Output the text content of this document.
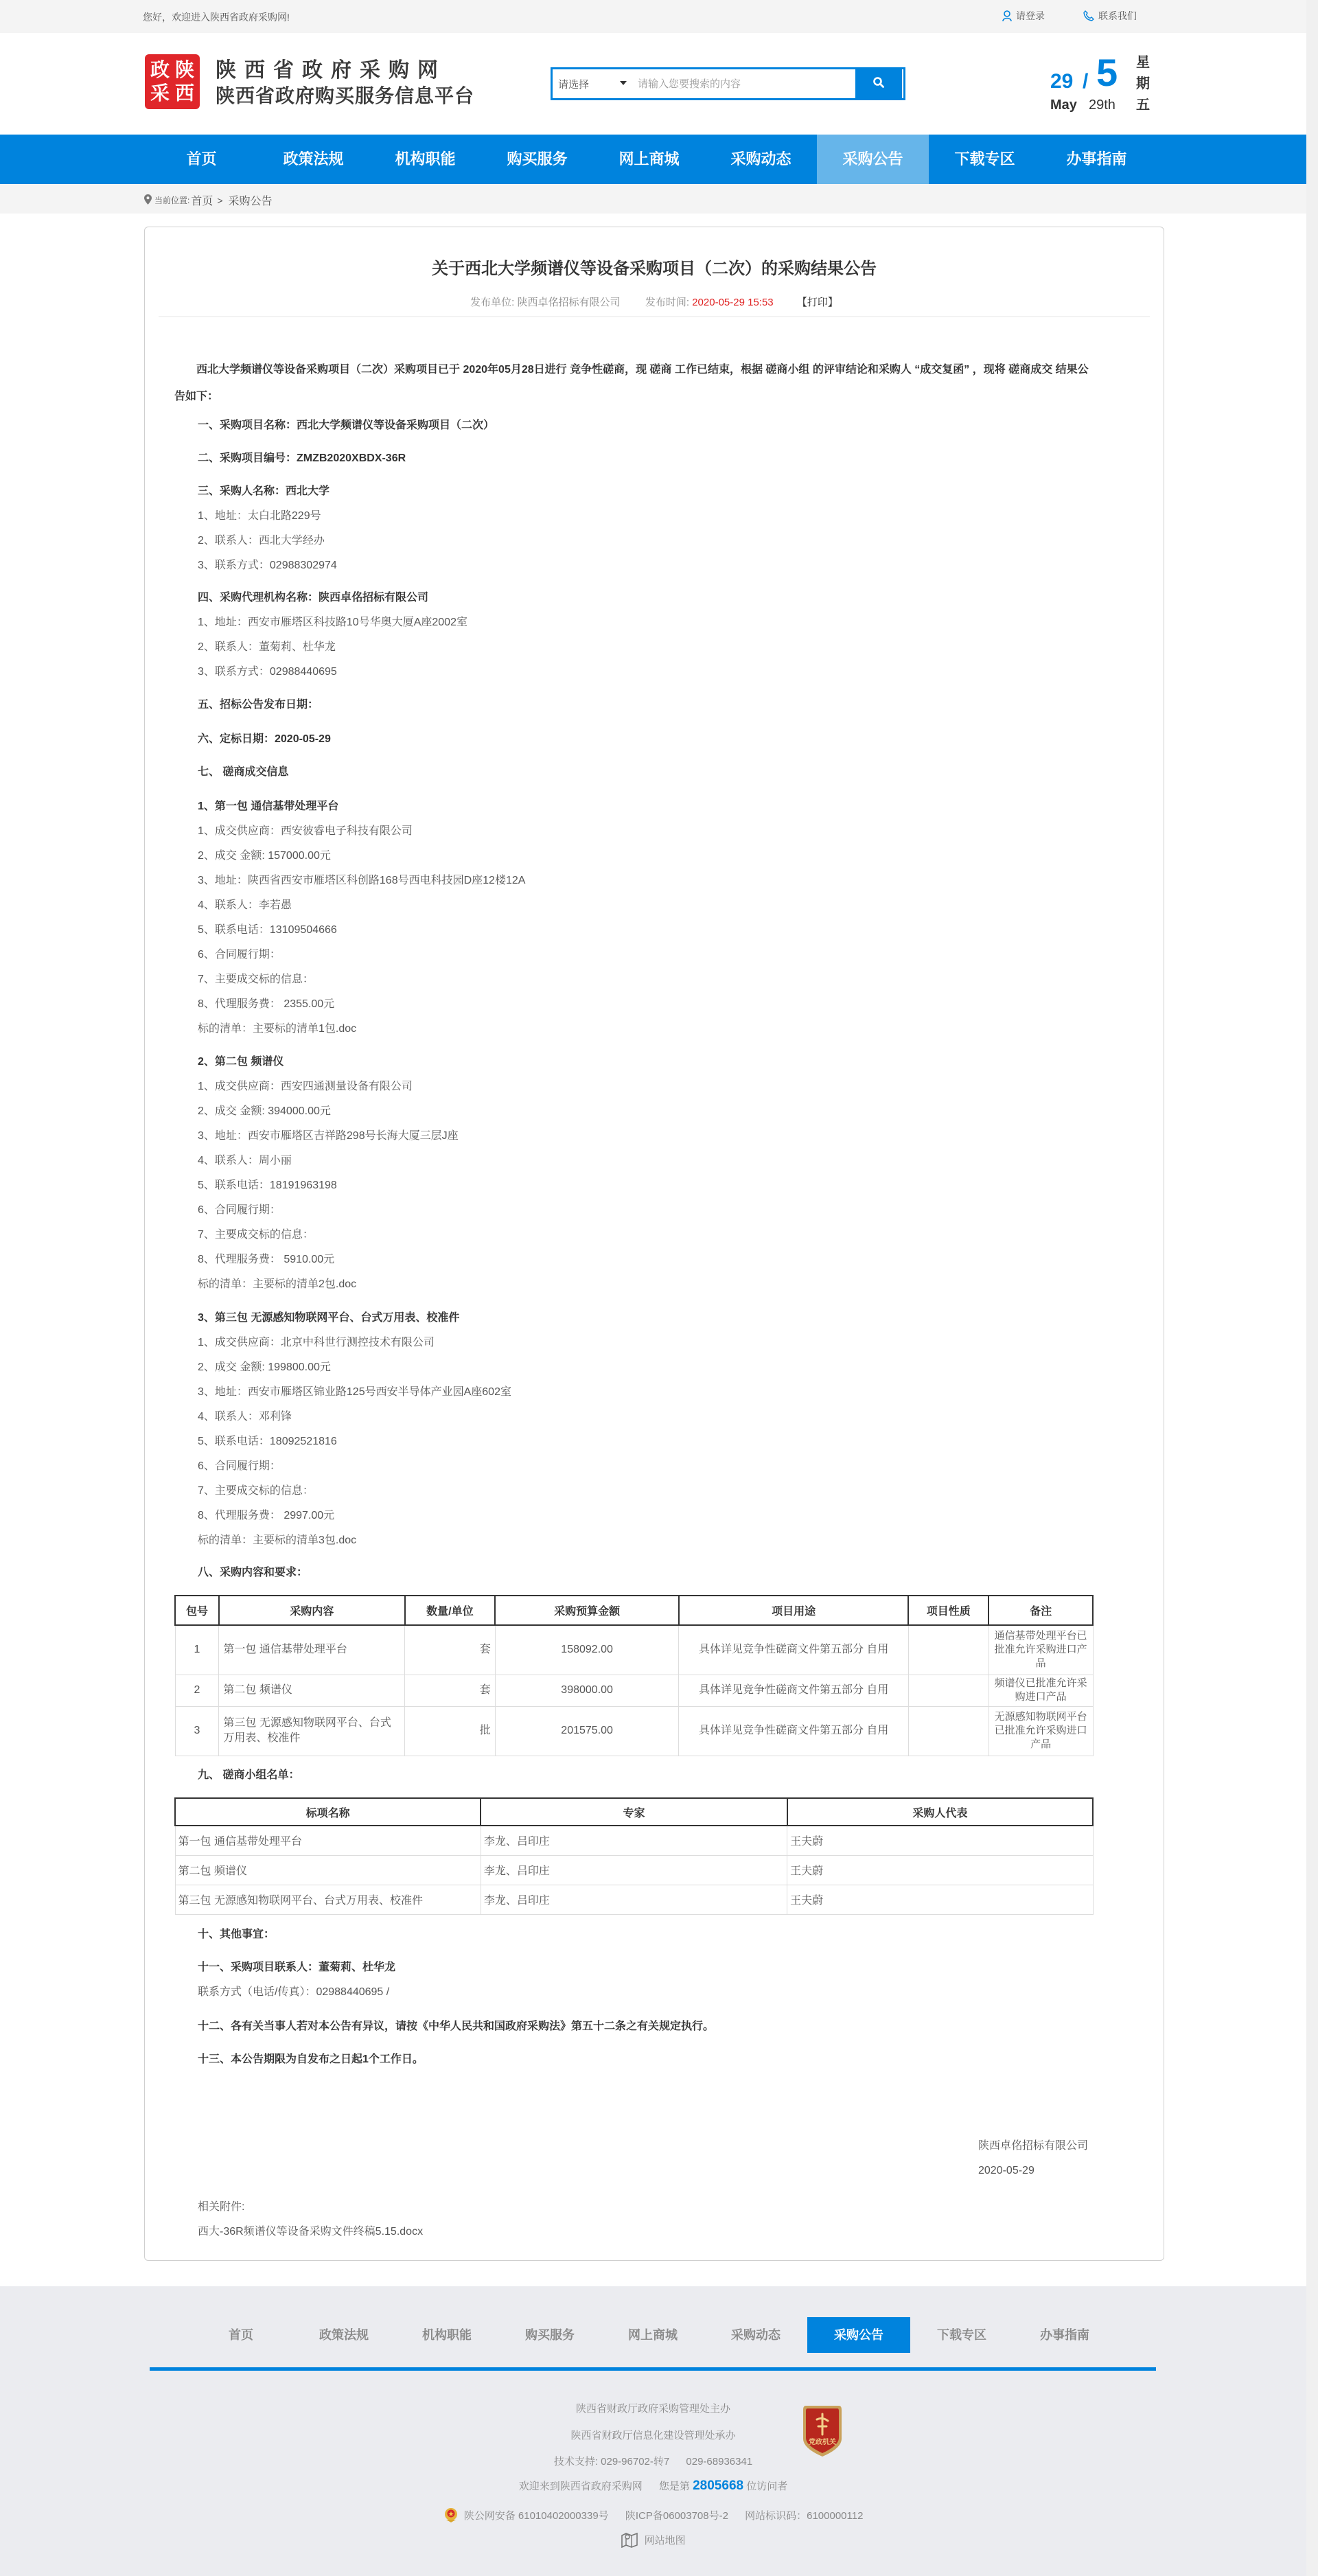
您好，欢迎进入陕西省政府采购网!	请登录	联系我们
政 陕
采 西
陕西省政府采购网
陕西省政府购买服务信息平台
请选择
请输入您要搜索的内容	29 / 5
May 29th
星
期
五
首页	政策法规	机构职能	购买服务	网上商城	采购动态	采购公告	下载专区	办事指南
当前位置: 首页 > 采购公告
关于西北大学频谱仪等设备采购项目（二次）的采购结果公告
发布单位: 陕西卓佲招标有限公司 发布时间: 2020-05-29 15:53 【打印】
西北大学频谱仪等设备采购项目（二次）采购项目已于 2020年05月28日进行 竞争性磋商，现 磋商 工作已结束，根据 磋商小组 的评审结论和采购人 “成交复函” ，现将 磋商成交 结果公告如下：
一、采购项目名称：西北大学频谱仪等设备采购项目（二次）
二、采购项目编号：ZMZB2020XBDX-36R
三、采购人名称：西北大学
1、地址：太白北路229号
2、联系人：西北大学经办
3、联系方式：02988302974
四、采购代理机构名称：陕西卓佲招标有限公司
1、地址：西安市雁塔区科技路10号华奥大厦A座2002室
2、联系人：董菊莉、杜华龙
3、联系方式：02988440695
五、招标公告发布日期：
六、定标日期：2020-05-29
七、 磋商成交信息
1、第一包 通信基带处理平台
1、成交供应商：西安彼睿电子科技有限公司
2、成交 金额: 157000.00元
3、地址：陕西省西安市雁塔区科创路168号西电科技园D座12楼12A
4、联系人：李若愚
5、联系电话：13109504666
6、合同履行期：
7、主要成交标的信息：
8、代理服务费： 2355.00元
标的清单：主要标的清单1包.doc
2、第二包 频谱仪
1、成交供应商：西安四通测量设备有限公司
2、成交 金额: 394000.00元
3、地址：西安市雁塔区吉祥路298号长海大厦三层J座
4、联系人：周小丽
5、联系电话：18191963198
6、合同履行期：
7、主要成交标的信息：
8、代理服务费： 5910.00元
标的清单：主要标的清单2包.doc
3、第三包 无源感知物联网平台、台式万用表、校准件
1、成交供应商：北京中科世行测控技术有限公司
2、成交 金额: 199800.00元
3、地址：西安市雁塔区锦业路125号西安半导体产业园A座602室
4、联系人：邓利锋
5、联系电话：18092521816
6、合同履行期：
7、主要成交标的信息：
8、代理服务费： 2997.00元
标的清单：主要标的清单3包.doc
八、采购内容和要求：
包号	采购内容	数量/单位	采购预算金额	项目用途	项目性质	备注
1	第一包 通信基带处理平台	套	158092.00	具体详见竞争性磋商文件第五部分 自用		通信基带处理平台已批准允许采购进口产品
2	第二包 频谱仪	套	398000.00	具体详见竞争性磋商文件第五部分 自用		频谱仪已批准允许采购进口产品
3	第三包 无源感知物联网平台、台式万用表、校准件	批	201575.00	具体详见竞争性磋商文件第五部分 自用		无源感知物联网平台已批准允许采购进口产品
九、 磋商小组名单：
标项名称	专家	采购人代表
第一包 通信基带处理平台	李龙、吕印庄	王夫蔚
第二包 频谱仪	李龙、吕印庄	王夫蔚
第三包 无源感知物联网平台、台式万用表、校准件	李龙、吕印庄	王夫蔚
十、其他事宜：
十一、采购项目联系人：董菊莉、杜华龙
联系方式（电话/传真）：02988440695 /
十二、各有关当事人若对本公告有异议，请按《中华人民共和国政府采购法》第五十二条之有关规定执行。
十三、本公告期限为自发布之日起1个工作日。
陕西卓佲招标有限公司
2020-05-29
相关附件:
西大-36R频谱仪等设备采购文件终稿5.15.docx
首页	政策法规	机构职能	购买服务	网上商城	采购动态	采购公告	下载专区	办事指南
陕西省财政厅政府采购管理处主办
陕西省财政厅信息化建设管理处承办
技术支持: 029-96702-转7 029-68936341
欢迎来到陕西省政府采购网 您是第 2805668 位访问者
陕公网安备 61010402000339号 陕ICP备06003708号-2 网站标识码：6100000112
网站地图
党政机关
